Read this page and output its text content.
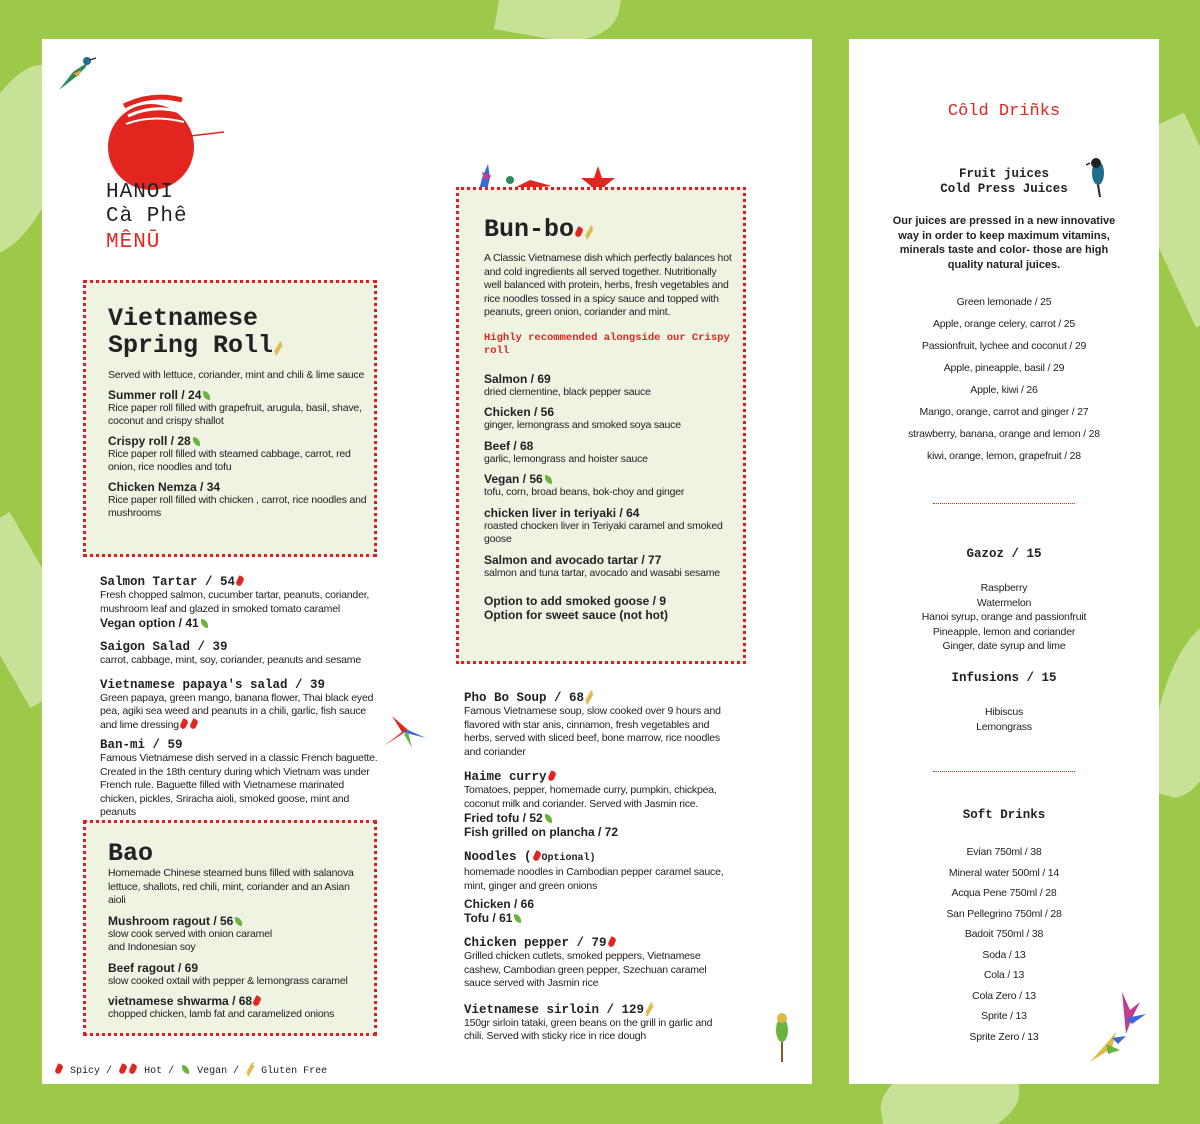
HANOI
Cà Phê
MÊNŪ
Vietnamese
Spring Roll

Served with lettuce, coriander, mint and chili & lime sauce

Summer roll / 24

Rice paper roll filled with grapefruit, arugula, basil, shave, coconut and crispy shallot

Crispy roll / 28

Rice paper roll filled with steamed cabbage, carrot, red onion, rice noodles and tofu

Chicken Nemza / 34

Rice paper roll filled with chicken , carrot, rice noodles and mushrooms

Salmon Tartar / 54

Fresh chopped salmon, cucumber tartar, peanuts, coriander, mushroom leaf and glazed in smoked tomato caramel

Vegan option / 41
Saigon Salad / 39

carrot, cabbage, mint, soy, coriander, peanuts and sesame

Vietnamese papaya's salad / 39

Green papaya, green mango, banana flower, Thai black eyed pea, agiki sea weed and peanuts in a chili, garlic, fish sauce and lime dressing

Ban-mi / 59

Famous Vietnamese dish served in a classic French baguette. Created in the 18th century during which Vietnam was under French rule. Baguette filled with Vietnamese marinated chicken, pickles, Sriracha aioli, smoked goose, mint and peanuts

Bao

Homemade Chinese steamed buns filled with salanova lettuce, shallots, red chili, mint, coriander and an Asian aioli

Mushroom ragout / 56

slow cook served with onion caramel and Indonesian soy

Beef ragout / 69

slow cooked oxtail with pepper & lemongrass caramel

vietnamese shwarma / 68

chopped chicken, lamb fat and caramelized onions

Spicy /	Hot / Vegan / Gluten Free
Bun-bo

A Classic Vietnamese dish which perfectly balances hot and cold ingredients all served together. Nutritionally well balanced with protein, herbs, fresh vegetables and rice noodles tossed in a spicy sauce and topped with peanuts, green onion, coriander and mint.

Highly recommended alongside our Crispy roll

Salmon / 69

dried clementine, black pepper sauce

Chicken / 56

ginger, lemongrass and smoked soya sauce

Beef / 68

garlic, lemongrass and hoister sauce

Vegan / 56

tofu, corn, broad beans, bok-choy and ginger

chicken liver in teriyaki / 64

roasted chocken liver in Teriyaki caramel and smoked goose

Salmon and avocado tartar / 77

salmon and tuna tartar, avocado and wasabi sesame

Option to add smoked goose / 9
Option for sweet sauce (not hot)
Pho Bo Soup / 68

Famous Vietnamese soup, slow cooked over 9 hours and flavored with star anis, cinnamon, fresh vegetables and herbs, served with sliced beef, bone marrow, rice noodles and coriander

Haime curry

Tomatoes, pepper, homemade curry, pumpkin, chickpea, coconut milk and coriander. Served with Jasmin rice.

Fried tofu / 52
Fish grilled on plancha / 72
Noodles ( Optional)

homemade noodles in Cambodian pepper caramel sauce, mint, ginger and green onions

Chicken / 66
Tofu / 61
Chicken pepper / 79

Grilled chicken cutlets, smoked peppers, Vietnamese cashew, Cambodian green pepper, Szechuan caramel sauce served with Jasmin rice

Vietnamese sirloin / 129

150gr sirloin tataki, green beans on the grill in garlic and chili. Served with sticky rice in rice dough

Côld Driñks
Fruit juices
Cold Press Juices

Our juices are pressed in a new innovative way in order to keep maximum vitamins, minerals taste and color- those are high quality natural juices.

Green lemonade / 25
Apple, orange celery, carrot / 25
Passionfruit, lychee and coconut / 29
Apple, pineapple, basil / 29
Apple, kiwi / 26
Mango, orange, carrot and ginger / 27
strawberry, banana, orange and lemon / 28
kiwi, orange, lemon, grapefruit / 28
Gazoz / 15
Raspberry
Watermelon
Hanoi syrup, orange and passionfruit
Pineapple, lemon and coriander
Ginger, date syrup and lime
Infusions / 15
Hibiscus
Lemongrass
Soft Drinks
Evian 750ml / 38
Mineral water 500ml / 14
Acqua Pene 750ml / 28
San Pellegrino 750ml / 28
Badoit 750ml / 38
Soda / 13
Cola / 13
Cola Zero / 13
Sprite / 13
Sprite Zero / 13
